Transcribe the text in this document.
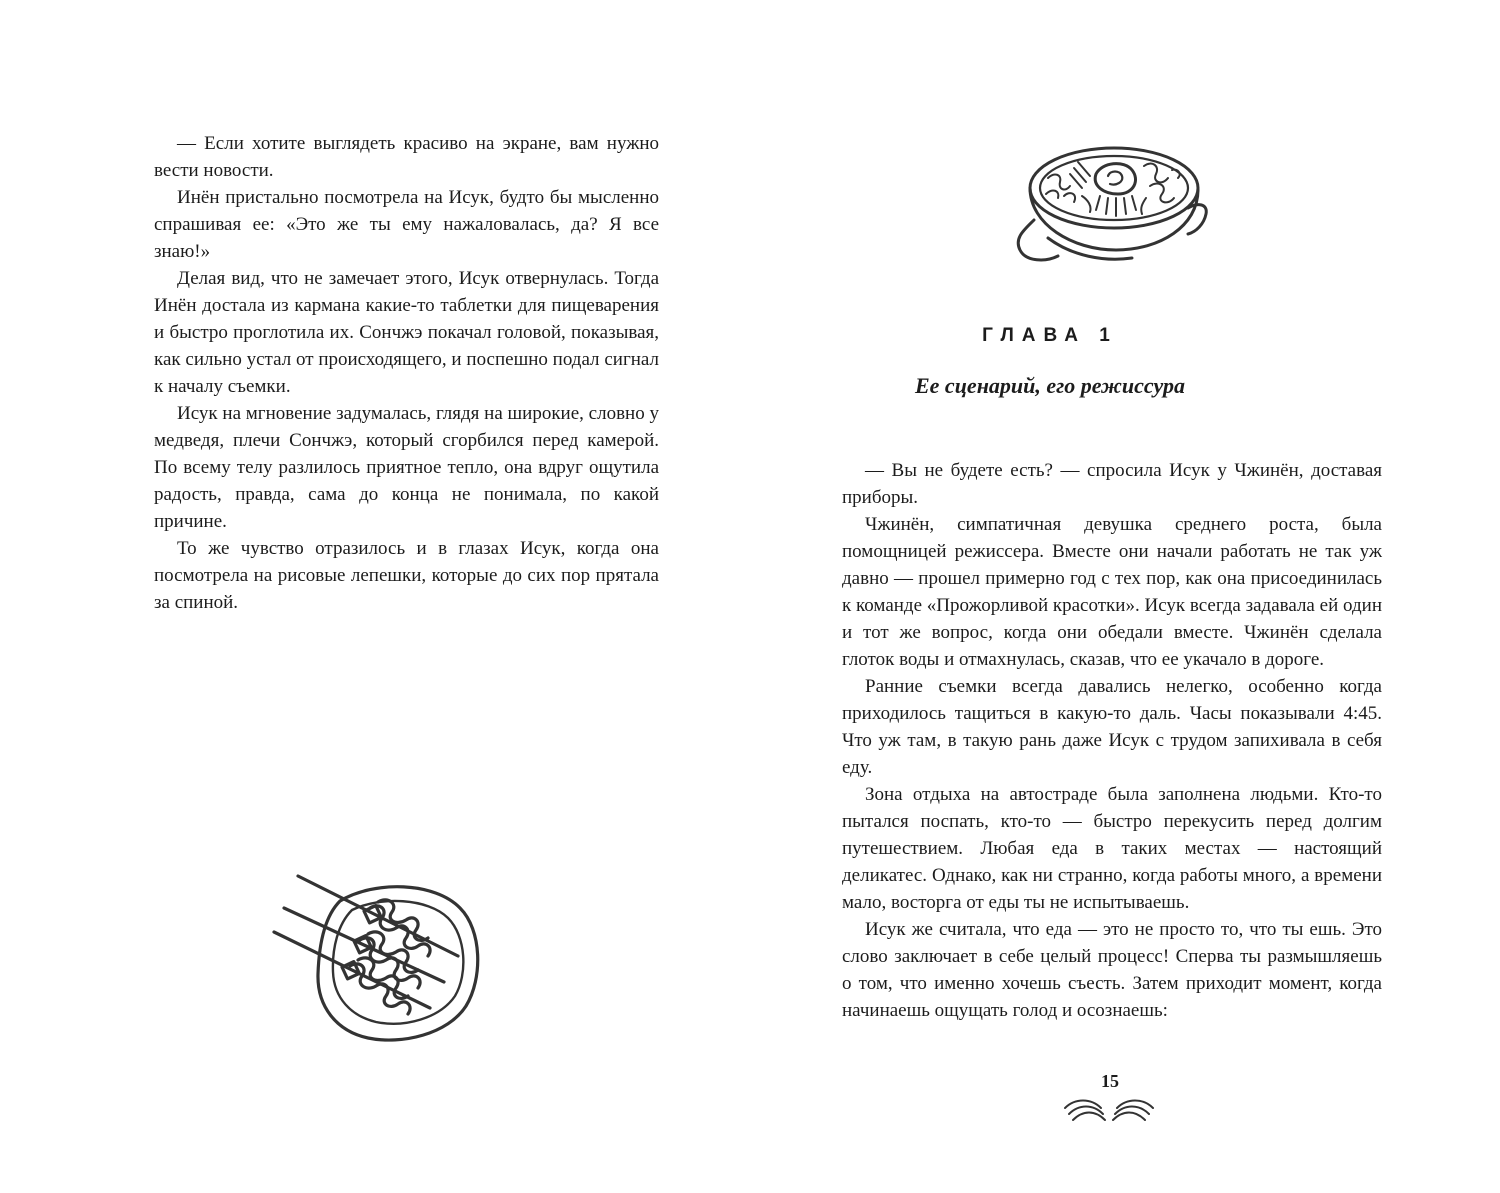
— Если хотите выглядеть красиво на экране, вам нужно вести новости.

Инён пристально посмотрела на Исук, будто бы мысленно спрашивая ее: «Это же ты ему нажаловалась, да? Я все знаю!»

Делая вид, что не замечает этого, Исук отвернулась. Тогда Инён достала из кармана какие-то таблетки для пищеварения и быстро проглотила их. Сончжэ покачал головой, показывая, как сильно устал от происходящего, и поспешно подал сигнал к началу съемки.

Исук на мгновение задумалась, глядя на широкие, словно у медведя, плечи Сончжэ, который сгорбился перед камерой. По всему телу разлилось приятное тепло, она вдруг ощутила радость, правда, сама до конца не понимала, по какой причине.

То же чувство отразилось и в глазах Исук, когда она посмотрела на рисовые лепешки, которые до сих пор прятала за спиной.

ГЛАВА 1

Ее сценарий, его режиссура

— Вы не будете есть? — спросила Исук у Чжинён, доставая приборы.

Чжинён, симпатичная девушка среднего роста, была помощницей режиссера. Вместе они начали работать не так уж давно — прошел примерно год с тех пор, как она присоединилась к команде «Прожорливой красотки». Исук всегда задавала ей один и тот же вопрос, когда они обедали вместе. Чжинён сделала глоток воды и отмахнулась, сказав, что ее укачало в дороге.

Ранние съемки всегда давались нелегко, особенно когда приходилось тащиться в какую-то даль. Часы показывали 4:45. Что уж там, в такую рань даже Исук с трудом запихивала в себя еду.

Зона отдыха на автостраде была заполнена людьми. Кто-то пытался поспать, кто-то — быстро перекусить перед долгим путешествием. Любая еда в таких местах — настоящий деликатес. Однако, как ни странно, когда работы много, а времени мало, восторга от еды ты не испытываешь.

Исук же считала, что еда — это не просто то, что ты ешь. Это слово заключает в себе целый процесс! Сперва ты размышляешь о том, что именно хочешь съесть. Затем приходит момент, когда начинаешь ощущать голод и осознаешь:

15
